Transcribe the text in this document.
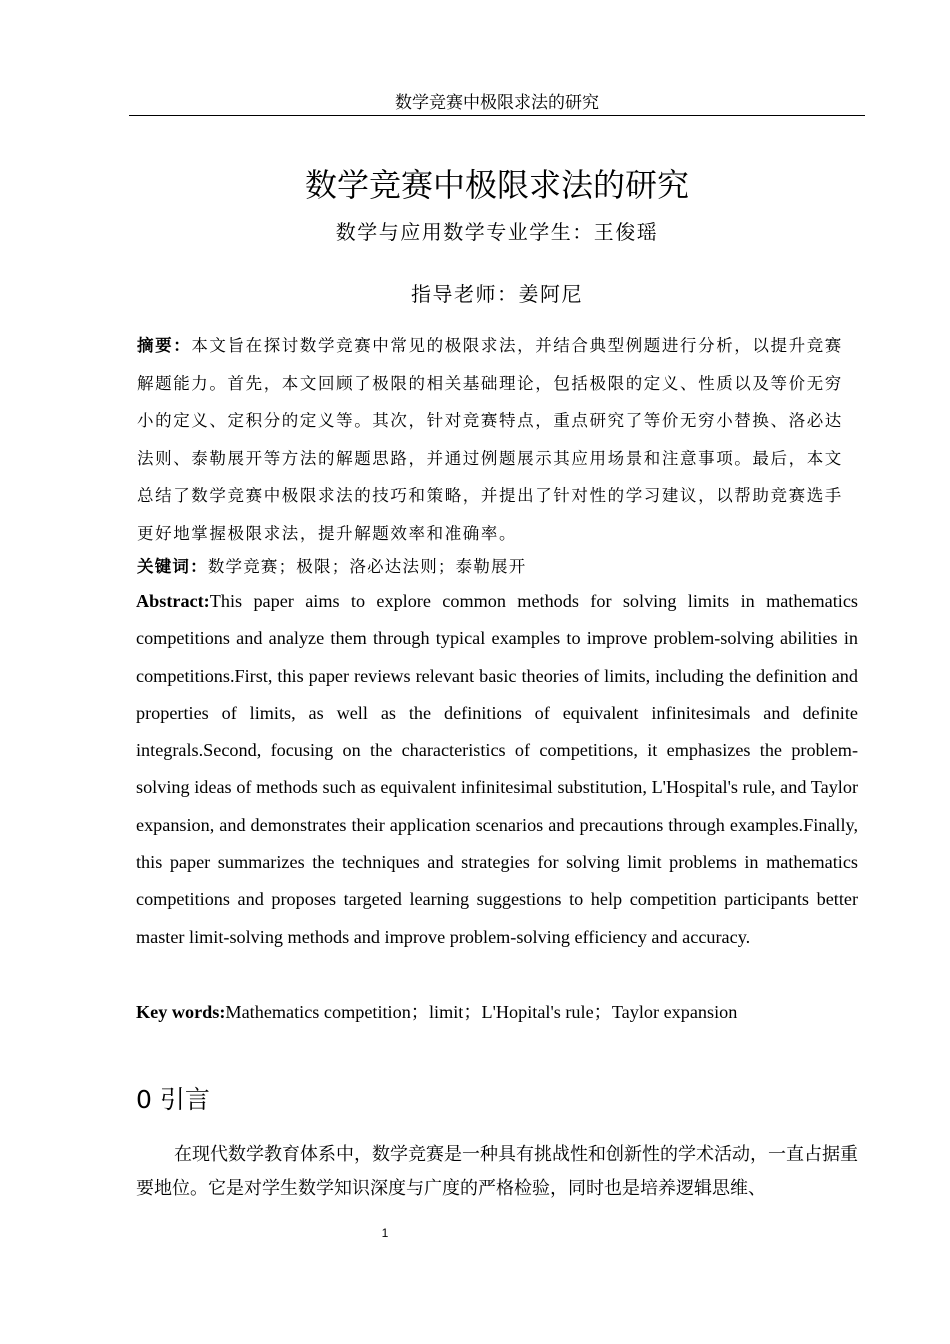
数学竞赛中极限求法的研究
数学竞赛中极限求法的研究
数学与应用数学专业学生：王俊瑶
指导老师：姜阿尼

摘要：本文旨在探讨数学竞赛中常见的极限求法，并结合典型例题进行分析，以提升竞赛解题能力。首先，本文回顾了极限的相关基础理论，包括极限的定义、性质以及等价无穷小的定义、定积分的定义等。其次，针对竞赛特点，重点研究了等价无穷小替换、洛必达法则、泰勒展开等方法的解题思路，并通过例题展示其应用场景和注意事项。最后，本文总结了数学竞赛中极限求法的技巧和策略，并提出了针对性的学习建议，以帮助竞赛选手更好地掌握极限求法，提升解题效率和准确率。

关键词：数学竞赛；极限；洛必达法则；泰勒展开

Abstract:This paper aims to explore common methods for solving limits in mathematics competitions and analyze them through typical examples to improve problem-solving abilities in competitions.First, this paper reviews relevant basic theories of limits, including the definition and properties of limits, as well as the definitions of equivalent infinitesimals and definite integrals.Second, focusing on the characteristics of competitions, it emphasizes the problem-solving ideas of methods such as equivalent infinitesimal substitution, L'Hospital's rule, and Taylor expansion, and demonstrates their application scenarios and precautions through examples.Finally, this paper summarizes the techniques and strategies for solving limit problems in mathematics competitions and proposes targeted learning suggestions to help competition participants better master limit-solving methods and improve problem-solving efficiency and accuracy.

Key words:Mathematics competition；limit；L'Hopital's rule；Taylor expansion

0 引言

在现代数学教育体系中，数学竞赛是一种具有挑战性和创新性的学术活动，一直占据重要地位。它是对学生数学知识深度与广度的严格检验，同时也是培养逻辑思维、

1
